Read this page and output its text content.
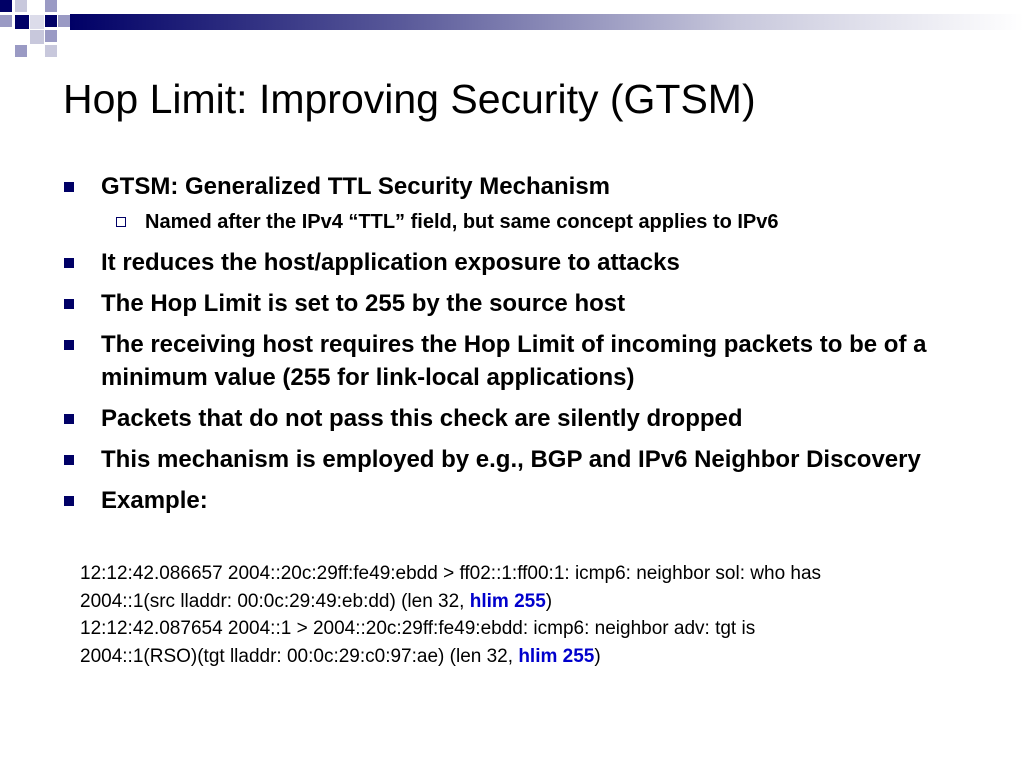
Hop Limit: Improving Security (GTSM)
GTSM: Generalized TTL Security Mechanism
Named after the IPv4 “TTL” field, but same concept applies to IPv6
It reduces the host/application exposure to attacks
The Hop Limit is set to 255 by the source host
The receiving host requires the Hop Limit of incoming packets to be of a minimum value (255 for link-local applications)
Packets that do not pass this check are silently dropped
This mechanism is employed by e.g., BGP and IPv6 Neighbor Discovery
Example:
12:12:42.086657 2004::20c:29ff:fe49:ebdd > ff02::1:ff00:1: icmp6: neighbor sol: who has
2004::1(src lladdr: 00:0c:29:49:eb:dd) (len 32, hlim 255)
12:12:42.087654 2004::1 > 2004::20c:29ff:fe49:ebdd: icmp6: neighbor adv: tgt is
2004::1(RSO)(tgt lladdr: 00:0c:29:c0:97:ae) (len 32, hlim 255)
